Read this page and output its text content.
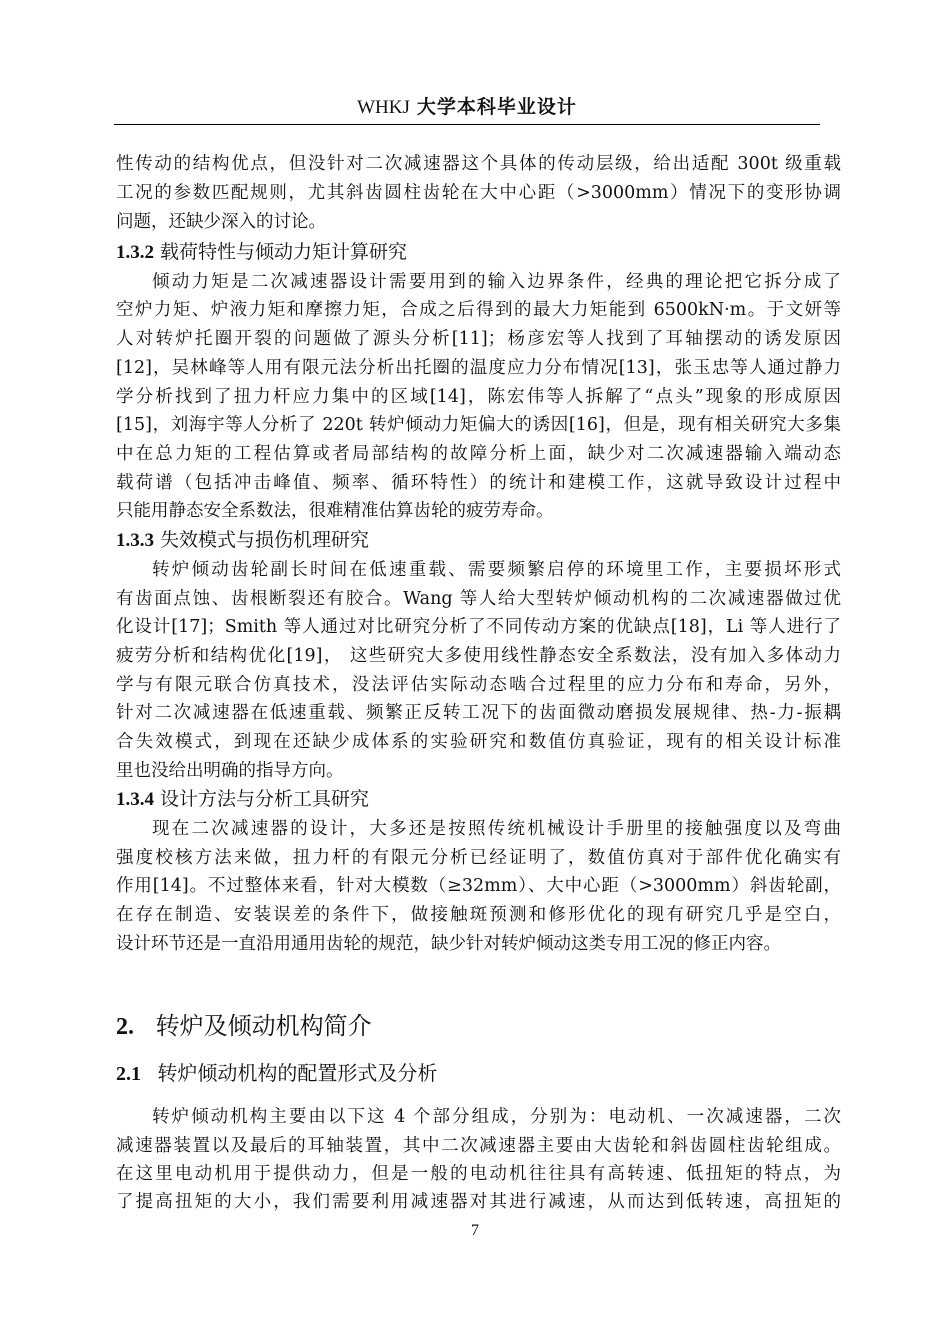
WHKJ 大学本科毕业设计
性传动的结构优点，但没针对二次减速器这个具体的传动层级，给出适配 300t 级重载
工况的参数匹配规则，尤其斜齿圆柱齿轮在大中心距（>3000mm）情况下的变形协调
问题，还缺少深入的讨论。
1.3.2 载荷特性与倾动力矩计算研究
倾动力矩是二次减速器设计需要用到的输入边界条件，经典的理论把它拆分成了
空炉力矩、炉液力矩和摩擦力矩，合成之后得到的最大力矩能到 6500kN·m。于文妍等
人对转炉托圈开裂的问题做了源头分析[11]；杨彦宏等人找到了耳轴摆动的诱发原因
[12]，吴林峰等人用有限元法分析出托圈的温度应力分布情况[13]，张玉忠等人通过静力
学分析找到了扭力杆应力集中的区域[14]，陈宏伟等人拆解了“点头”现象的形成原因
[15]，刘海宇等人分析了 220t 转炉倾动力矩偏大的诱因[16]，但是，现有相关研究大多集
中在总力矩的工程估算或者局部结构的故障分析上面，缺少对二次减速器输入端动态
载荷谱（包括冲击峰值、频率、循环特性）的统计和建模工作，这就导致设计过程中
只能用静态安全系数法，很难精准估算齿轮的疲劳寿命。
1.3.3 失效模式与损伤机理研究
转炉倾动齿轮副长时间在低速重载、需要频繁启停的环境里工作，主要损坏形式
有齿面点蚀、齿根断裂还有胶合。Wang 等人给大型转炉倾动机构的二次减速器做过优
化设计[17]；Smith 等人通过对比研究分析了不同传动方案的优缺点[18]，Li 等人进行了
疲劳分析和结构优化[19]， 这些研究大多使用线性静态安全系数法，没有加入多体动力
学与有限元联合仿真技术，没法评估实际动态啮合过程里的应力分布和寿命，另外，
针对二次减速器在低速重载、频繁正反转工况下的齿面微动磨损发展规律、热-力-振耦
合失效模式，到现在还缺少成体系的实验研究和数值仿真验证，现有的相关设计标准
里也没给出明确的指导方向。
1.3.4 设计方法与分析工具研究
现在二次减速器的设计，大多还是按照传统机械设计手册里的接触强度以及弯曲
强度校核方法来做，扭力杆的有限元分析已经证明了，数值仿真对于部件优化确实有
作用[14]。不过整体来看，针对大模数（≥32mm）、大中心距（>3000mm）斜齿轮副，
在存在制造、安装误差的条件下，做接触斑预测和修形优化的现有研究几乎是空白，
设计环节还是一直沿用通用齿轮的规范，缺少针对转炉倾动这类专用工况的修正内容。
2. 转炉及倾动机构简介
2.1 转炉倾动机构的配置形式及分析
转炉倾动机构主要由以下这 4 个部分组成，分别为：电动机、一次减速器，二次
减速器装置以及最后的耳轴装置，其中二次减速器主要由大齿轮和斜齿圆柱齿轮组成。
在这里电动机用于提供动力，但是一般的电动机往往具有高转速、低扭矩的特点，为
了提高扭矩的大小，我们需要利用减速器对其进行减速，从而达到低转速，高扭矩的
7
